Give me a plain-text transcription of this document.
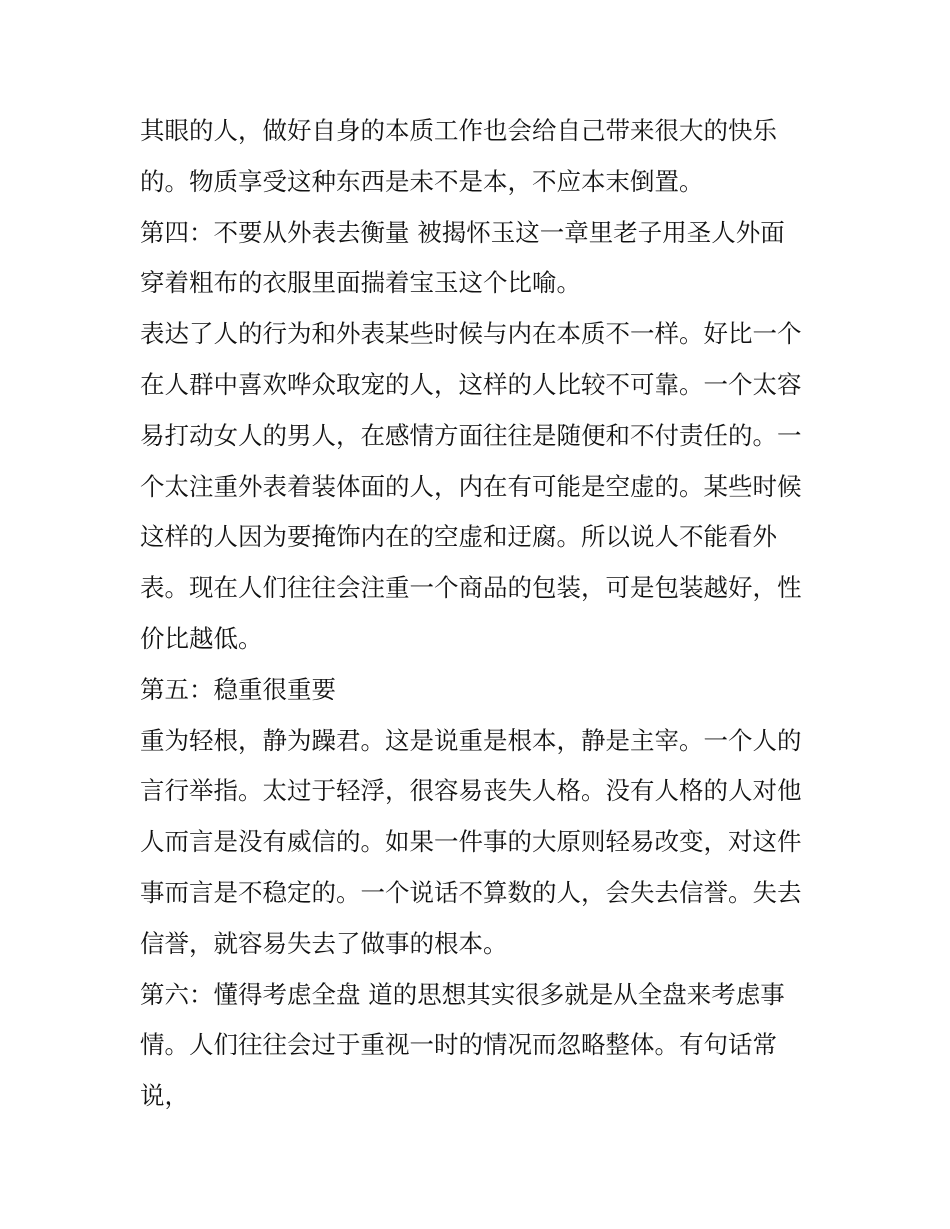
其眼的人，做好自身的本质工作也会给自己带来很大的快乐
的。物质享受这种东西是未不是本，不应本末倒置。
第四：不要从外表去衡量 被揭怀玉这一章里老子用圣人外面
穿着粗布的衣服里面揣着宝玉这个比喻。
表达了人的行为和外表某些时候与内在本质不一样。好比一个
在人群中喜欢哗众取宠的人，这样的人比较不可靠。一个太容
易打动女人的男人，在感情方面往往是随便和不付责任的。一
个太注重外表着装体面的人，内在有可能是空虚的。某些时候
这样的人因为要掩饰内在的空虚和迂腐。所以说人不能看外
表。现在人们往往会注重一个商品的包装，可是包装越好，性
价比越低。
第五：稳重很重要
重为轻根，静为躁君。这是说重是根本，静是主宰。一个人的
言行举指。太过于轻浮，很容易丧失人格。没有人格的人对他
人而言是没有威信的。如果一件事的大原则轻易改变，对这件
事而言是不稳定的。一个说话不算数的人，会失去信誉。失去
信誉，就容易失去了做事的根本。
第六：懂得考虑全盘 道的思想其实很多就是从全盘来考虑事
情。人们往往会过于重视一时的情况而忽略整体。有句话常
说，
